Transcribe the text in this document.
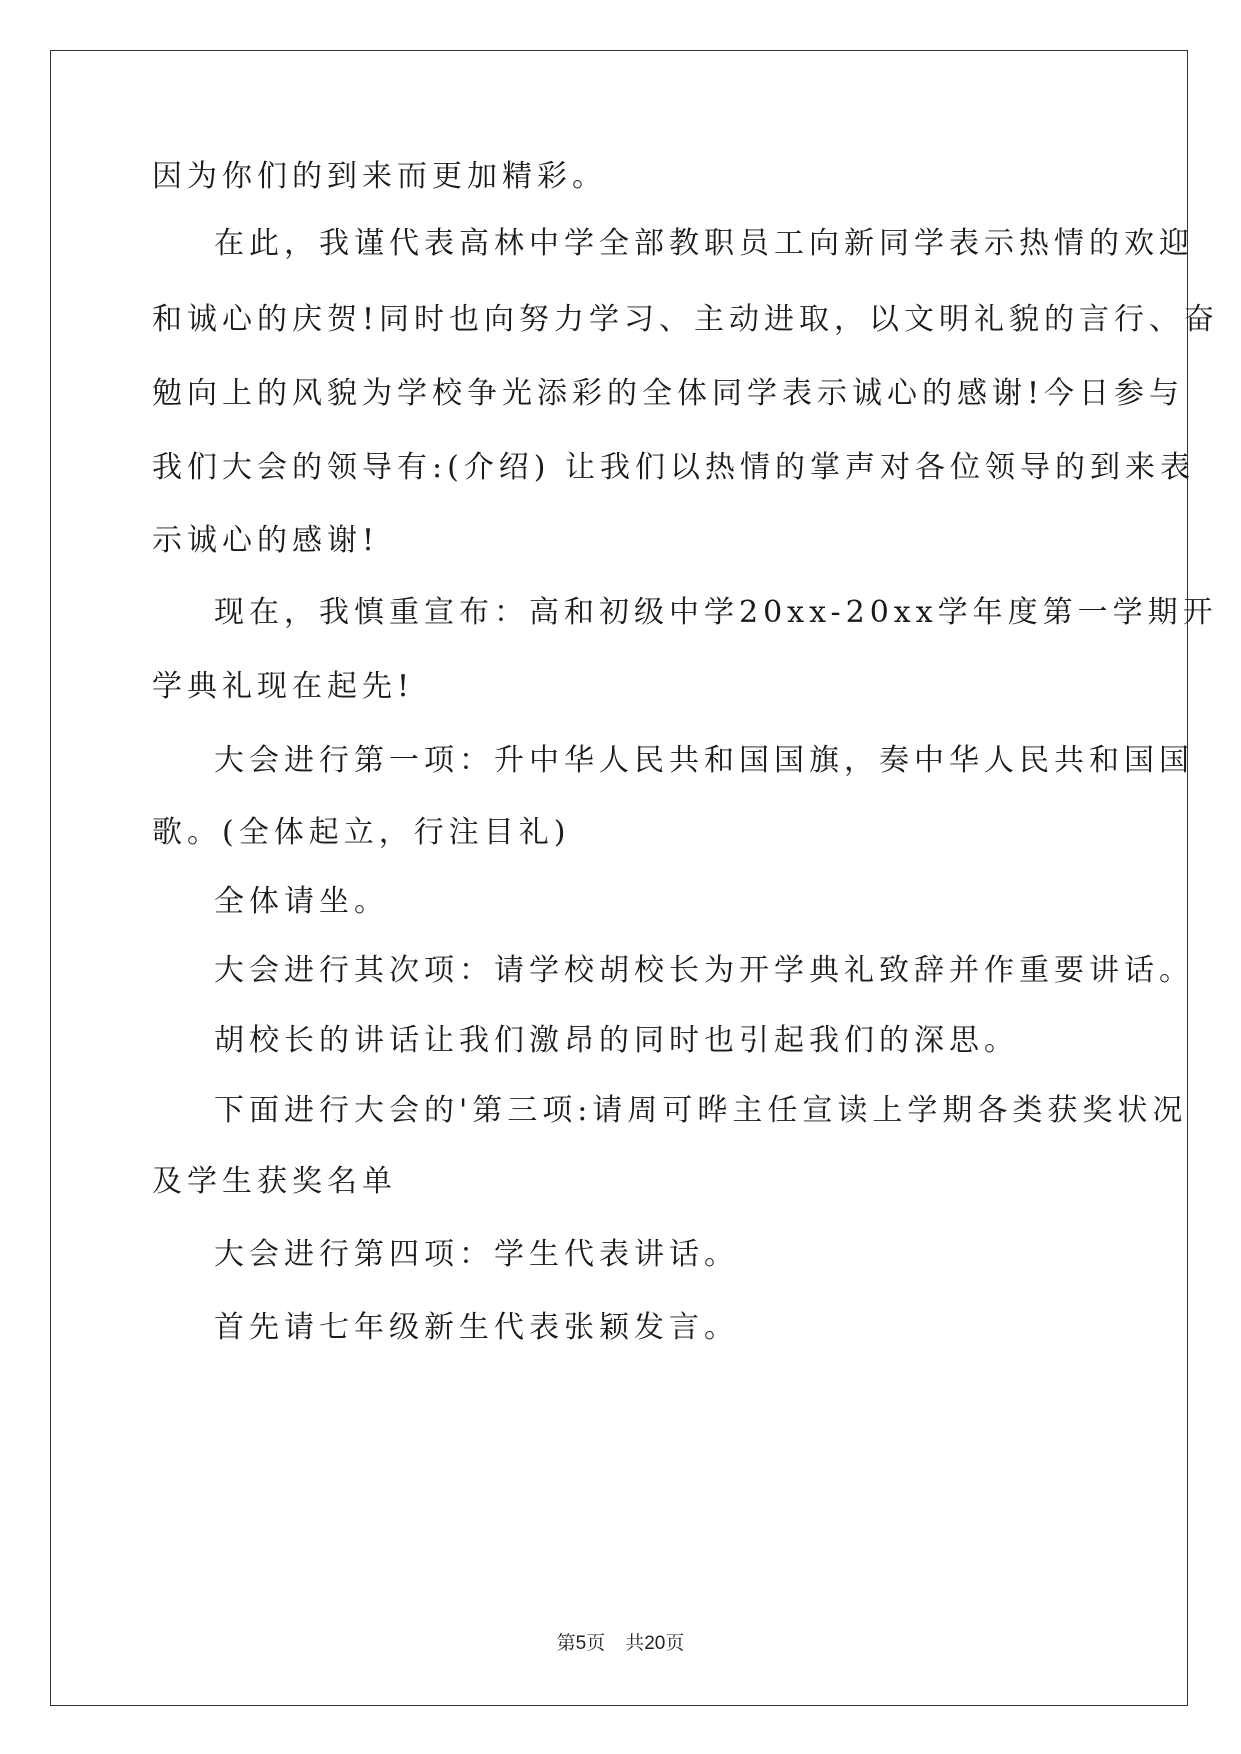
因为你们的到来而更加精彩。
在此，我谨代表高林中学全部教职员工向新同学表示热情的欢迎
和诚心的庆贺!同时也向努力学习、主动进取，以文明礼貌的言行、奋
勉向上的风貌为学校争光添彩的全体同学表示诚心的感谢!今日参与
我们大会的领导有:(介绍) 让我们以热情的掌声对各位领导的到来表
示诚心的感谢!
现在，我慎重宣布：高和初级中学20xx-20xx学年度第一学期开
学典礼现在起先!
大会进行第一项：升中华人民共和国国旗，奏中华人民共和国国
歌。(全体起立，行注目礼)
全体请坐。
大会进行其次项：请学校胡校长为开学典礼致辞并作重要讲话。
胡校长的讲话让我们激昂的同时也引起我们的深思。
下面进行大会的'第三项:请周可晔主任宣读上学期各类获奖状况
及学生获奖名单
大会进行第四项：学生代表讲话。
首先请七年级新生代表张颖发言。
第5页 共20页
